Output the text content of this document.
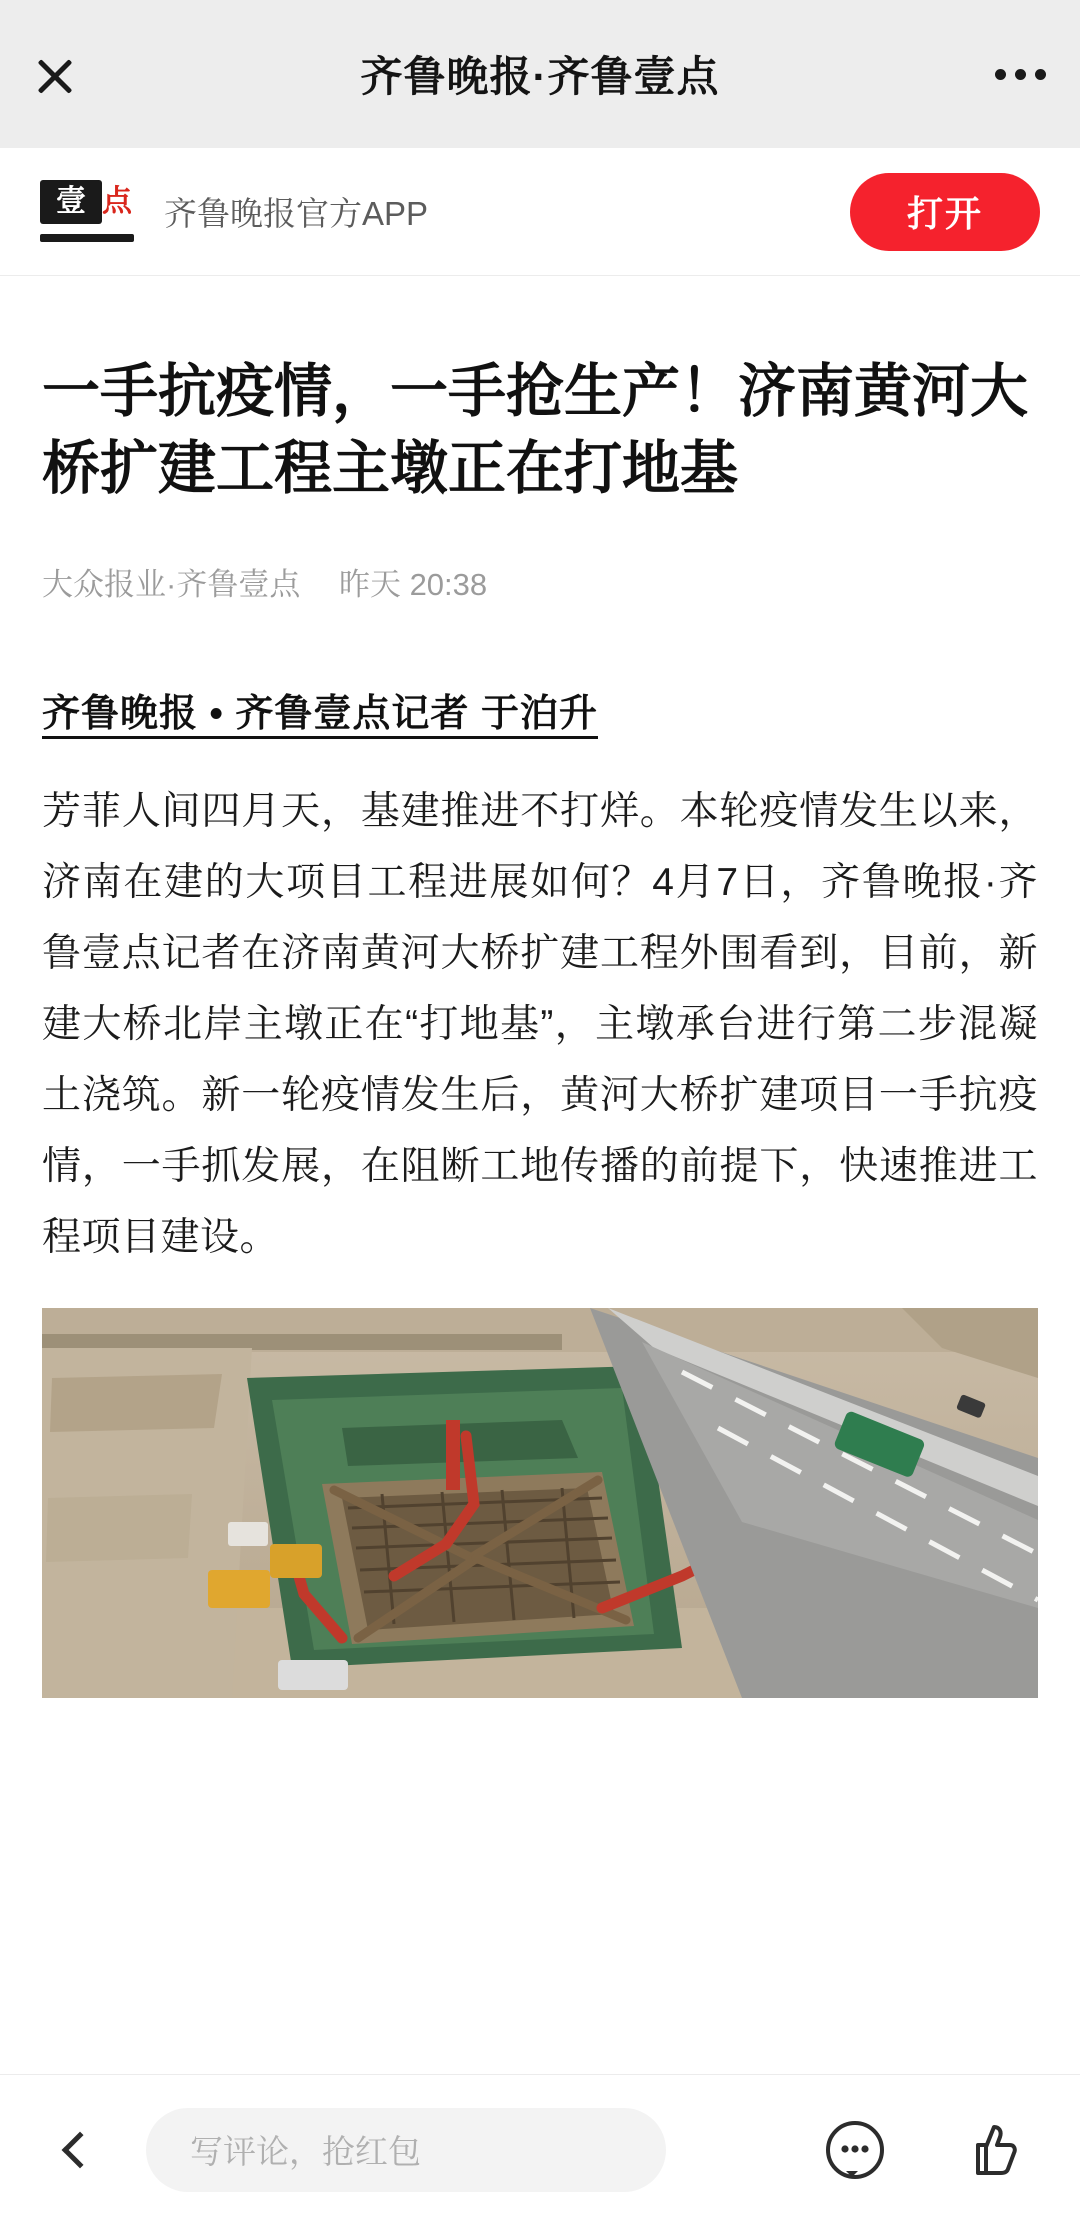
齐鲁晚报·齐鲁壹点
壹 点 齐鲁晚报官方APP	打开
一手抗疫情，一手抢生产！济南黄河大桥扩建工程主墩正在打地基
大众报业·齐鲁壹点 昨天 20:38
齐鲁晚报 • 齐鲁壹点记者 于泊升

芳菲人间四月天，基建推进不打烊。本轮疫情发生以来，济南在建的大项目工程进展如何？4月7日，齐鲁晚报·齐鲁壹点记者在济南黄河大桥扩建工程外围看到，目前，新建大桥北岸主墩正在“打地基”，主墩承台进行第二步混凝土浇筑。新一轮疫情发生后，黄河大桥扩建项目一手抗疫情，一手抓发展，在阻断工地传播的前提下，快速推进工程项目建设。

写评论，抢红包
